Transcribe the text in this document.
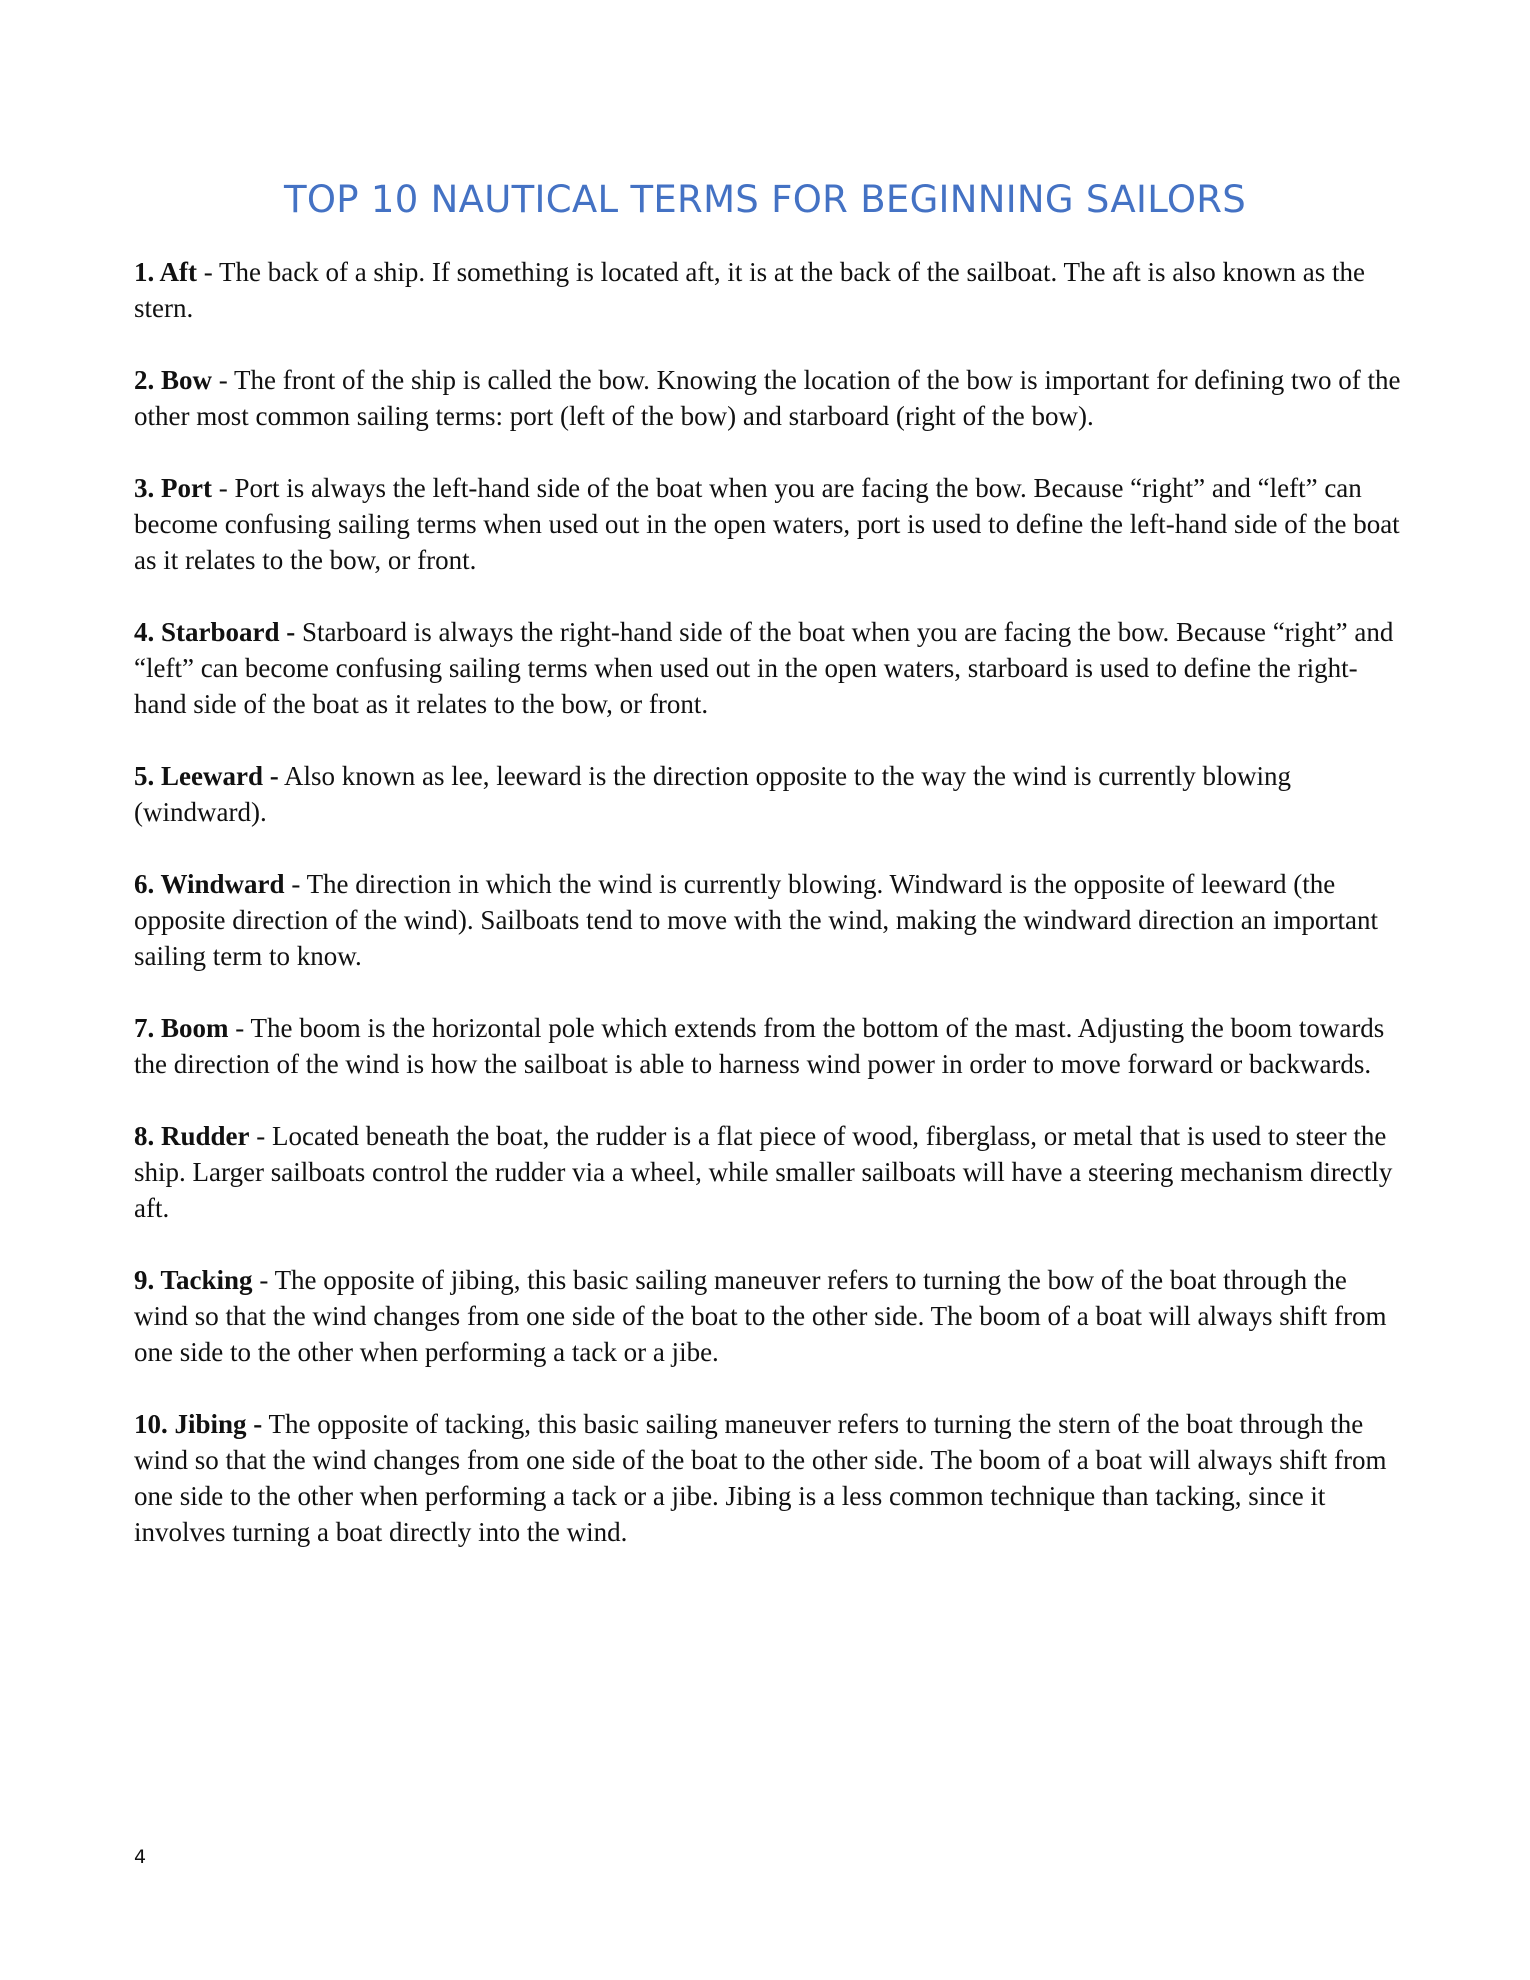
TOP 10 NAUTICAL TERMS FOR BEGINNING SAILORS

1. Aft - The back of a ship. If something is located aft, it is at the back of the sailboat. The aft is also known as the stern.

2. Bow - The front of the ship is called the bow. Knowing the location of the bow is important for defining two of the other most common sailing terms: port (left of the bow) and starboard (right of the bow).

3. Port - Port is always the left-hand side of the boat when you are facing the bow. Because “right” and “left” can become confusing sailing terms when used out in the open waters, port is used to define the left-hand side of the boat as it relates to the bow, or front.

4. Starboard - Starboard is always the right-hand side of the boat when you are facing the bow. Because “right” and “left” can become confusing sailing terms when used out in the open waters, starboard is used to define the right-hand side of the boat as it relates to the bow, or front.

5. Leeward - Also known as lee, leeward is the direction opposite to the way the wind is currently blowing (windward).

6. Windward - The direction in which the wind is currently blowing. Windward is the opposite of leeward (the opposite direction of the wind). Sailboats tend to move with the wind, making the windward direction an important sailing term to know.

7. Boom - The boom is the horizontal pole which extends from the bottom of the mast. Adjusting the boom towards the direction of the wind is how the sailboat is able to harness wind power in order to move forward or backwards.

8. Rudder - Located beneath the boat, the rudder is a flat piece of wood, fiberglass, or metal that is used to steer the ship. Larger sailboats control the rudder via a wheel, while smaller sailboats will have a steering mechanism directly aft.

9. Tacking - The opposite of jibing, this basic sailing maneuver refers to turning the bow of the boat through the wind so that the wind changes from one side of the boat to the other side. The boom of a boat will always shift from one side to the other when performing a tack or a jibe.

10. Jibing - The opposite of tacking, this basic sailing maneuver refers to turning the stern of the boat through the wind so that the wind changes from one side of the boat to the other side. The boom of a boat will always shift from one side to the other when performing a tack or a jibe. Jibing is a less common technique than tacking, since it involves turning a boat directly into the wind.

4
